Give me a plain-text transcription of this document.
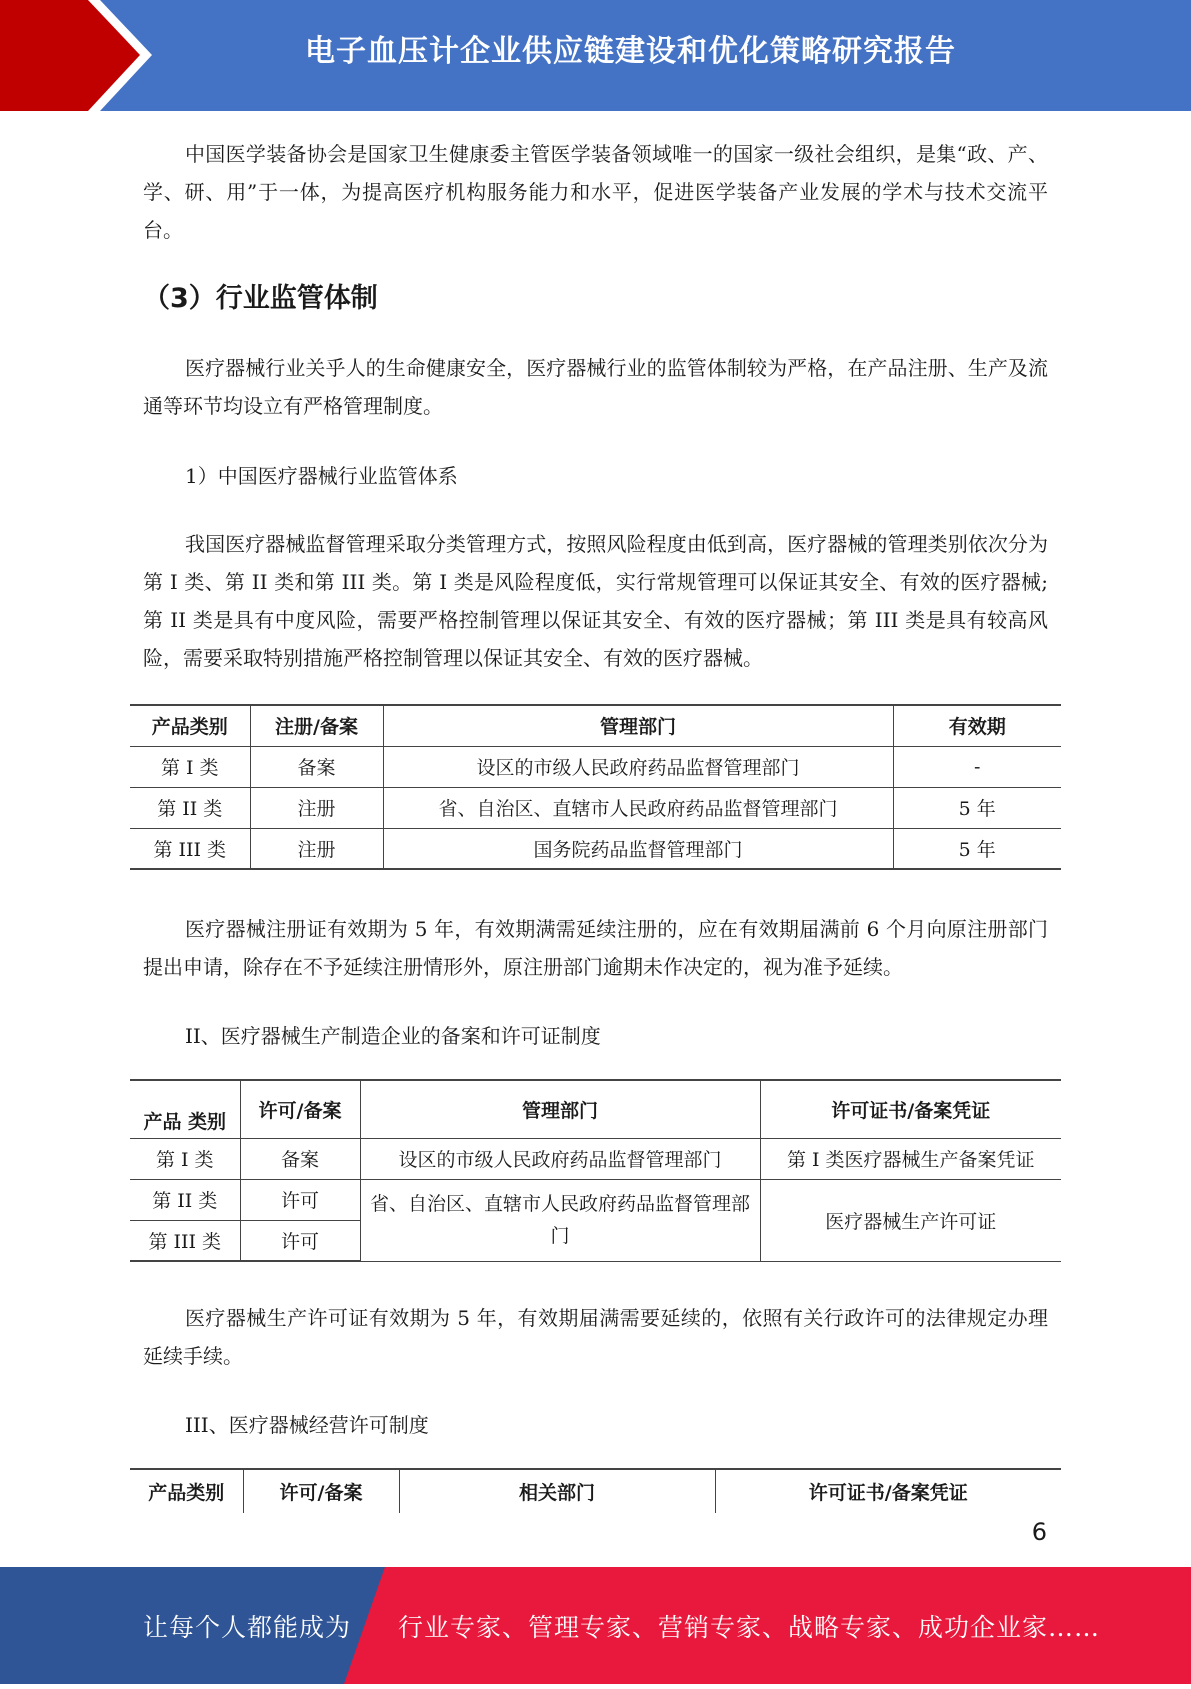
电子血压计企业供应链建设和优化策略研究报告

中国医学装备协会是国家卫生健康委主管医学装备领域唯一的国家一级社会组织，是集“政、产、学、研、用”于一体，为提高医疗机构服务能力和水平，促进医学装备产业发展的学术与技术交流平台。

（3）行业监管体制

医疗器械行业关乎人的生命健康安全，医疗器械行业的监管体制较为严格，在产品注册、生产及流通等环节均设立有严格管理制度。

1）中国医疗器械行业监管体系

我国医疗器械监督管理采取分类管理方式，按照风险程度由低到高，医疗器械的管理类别依次分为第 I 类、第 II 类和第 III 类。第 I 类是风险程度低，实行常规管理可以保证其安全、有效的医疗器械;第 II 类是具有中度风险，需要严格控制管理以保证其安全、有效的医疗器械；第 III 类是具有较高风险，需要采取特别措施严格控制管理以保证其安全、有效的医疗器械。

产品类别	注册/备案	管理部门	有效期
第 I 类	备案	设区的市级人民政府药品监督管理部门	-
第 II 类	注册	省、自治区、直辖市人民政府药品监督管理部门	5 年
第 III 类	注册	国务院药品监督管理部门	5 年

医疗器械注册证有效期为 5 年，有效期满需延续注册的，应在有效期届满前 6 个月向原注册部门提出申请，除存在不予延续注册情形外，原注册部门逾期未作决定的，视为准予延续。

II、医疗器械生产制造企业的备案和许可证制度

产品 类别	许可/备案	管理部门	许可证书/备案凭证
第 I 类	备案	设区的市级人民政府药品监督管理部门	第 I 类医疗器械生产备案凭证
第 II 类	许可	省、自治区、直辖市人民政府药品监督管理部门	医疗器械生产许可证
第 III 类	许可		

医疗器械生产许可证有效期为 5 年，有效期届满需要延续的，依照有关行政许可的法律规定办理延续手续。

III、医疗器械经营许可制度

产品类别	许可/备案	相关部门	许可证书/备案凭证
6
让每个人都能成为 行业专家、管理专家、营销专家、战略专家、成功企业家……
